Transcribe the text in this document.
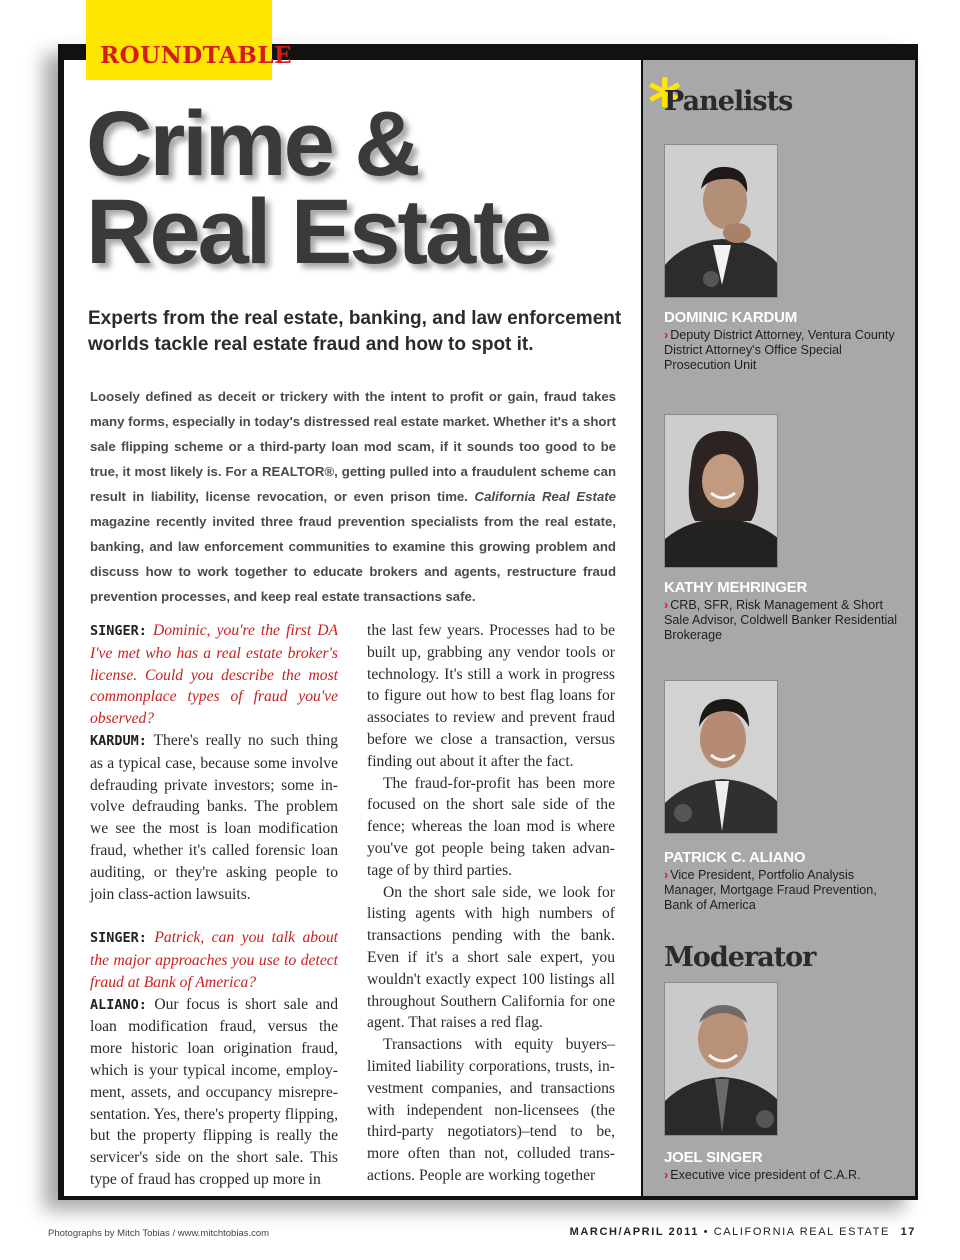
ROUNDTABLE
Crime &
Real Estate

Experts from the real estate, banking, and law enforcement worlds tackle real estate fraud and how to spot it.

Loosely defined as deceit or trickery with the intent to profit or gain, fraud takes many forms, especially in today's distressed real estate market. Whether it's a short sale flipping scheme or a third-party loan mod scam, if it sounds too good to be true, it most likely is. For a REALTOR®, getting pulled into a fraudulent scheme can result in liability, license revocation, or even prison time. California Real Estate magazine recently invited three fraud prevention specialists from the real estate, banking, and law enforcement communities to examine this growing problem and discuss how to work together to educate brokers and agents, restructure fraud prevention processes, and keep real estate transactions safe.

SINGER: Dominic, you're the first DA I've met who has a real estate broker's license. Could you describe the most commonplace types of fraud you've observed?

KARDUM: There's really no such thing as a typical case, because some involve defrauding private investors; some involve defrauding banks. The problem we see the most is loan modification fraud, whether it's called forensic loan auditing, or they're asking people to join class-action lawsuits.

SINGER: Patrick, can you talk about the major approaches you use to detect fraud at Bank of America?

ALIANO: Our focus is short sale and loan modification fraud, versus the more historic loan origination fraud, which is your typical income, employment, assets, and occupancy misrepresentation. Yes, there's property flipping, but the property flipping is really the servicer's side on the short sale. This type of fraud has cropped up more in

the last few years. Processes had to be built up, grabbing any vendor tools or technology. It's still a work in progress to figure out how to best flag loans for associates to review and prevent fraud before we close a transaction, versus finding out about it after the fact.

The fraud-for-profit has been more focused on the short sale side of the fence; whereas the loan mod is where you've got people being taken advantage of by third parties.

On the short sale side, we look for listing agents with high numbers of transactions pending with the bank. Even if it's a short sale expert, you wouldn't exactly expect 100 listings all throughout Southern California for one agent. That raises a red flag.

Transactions with equity buyers– limited liability corporations, trusts, investment companies, and transactions with independent non-licensees (the third-party negotiators)–tend to be, more often than not, colluded transactions. People are working together

*
Panelists
DOMINIC KARDUM
› Deputy District Attorney, Ventura County District Attorney's Office Special Prosecution Unit
KATHY MEHRINGER
› CRB, SFR, Risk Management & Short Sale Advisor, Coldwell Banker Residential Brokerage
PATRICK C. ALIANO
› Vice President, Portfolio Analysis Manager, Mortgage Fraud Prevention, Bank of America
Moderator
JOEL SINGER
› Executive vice president of C.A.R.
Photographs by Mitch Tobias / www.mitchtobias.com	MARCH/APRIL 2011 • CALIFORNIA REAL ESTATE 17
